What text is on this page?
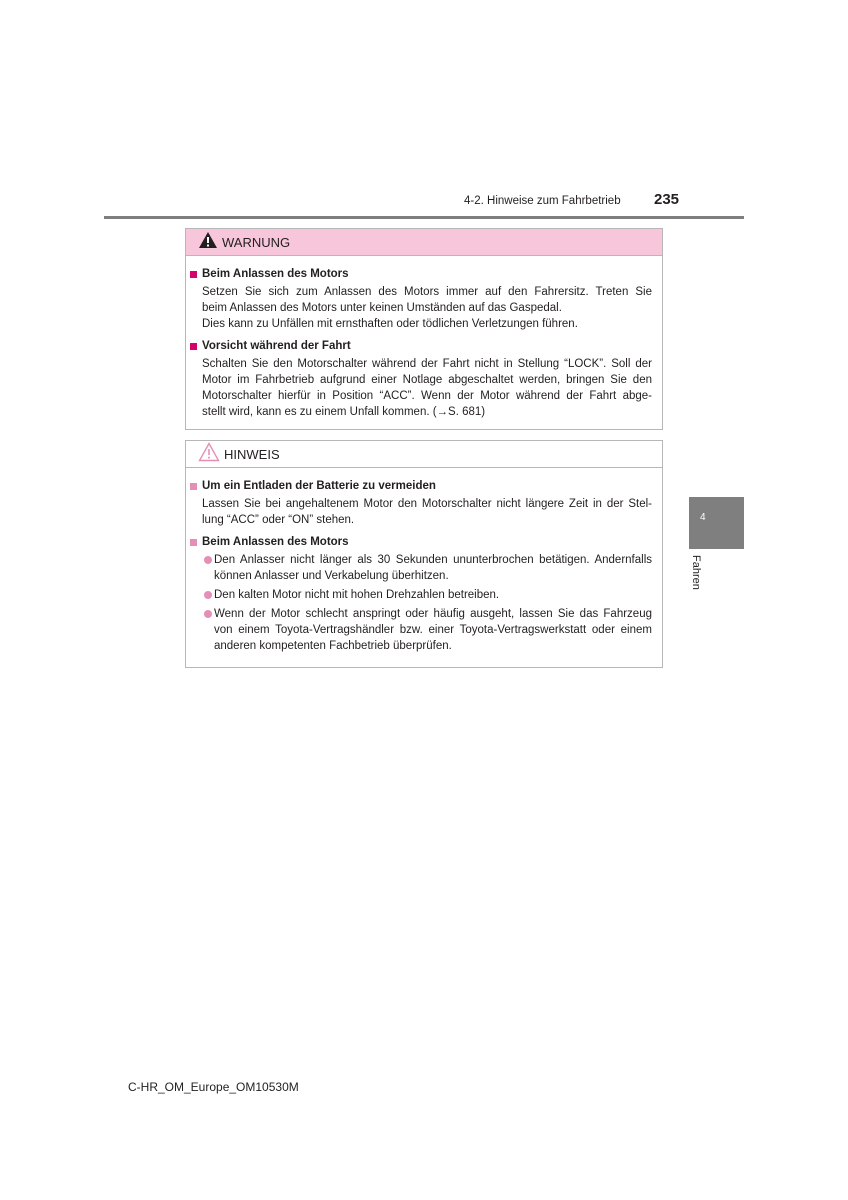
4-2. Hinweise zum Fahrbetrieb 235
WARNUNG
Beim Anlassen des Motors
Setzen Sie sich zum Anlassen des Motors immer auf den Fahrersitz. Treten Sie
beim Anlassen des Motors unter keinen Umständen auf das Gaspedal.
Dies kann zu Unfällen mit ernsthaften oder tödlichen Verletzungen führen.
Vorsicht während der Fahrt
Schalten Sie den Motorschalter während der Fahrt nicht in Stellung “LOCK”. Soll der
Motor im Fahrbetrieb aufgrund einer Notlage abgeschaltet werden, bringen Sie den
Motorschalter hierfür in Position “ACC”. Wenn der Motor während der Fahrt abge-
stellt wird, kann es zu einem Unfall kommen. (→S. 681)
HINWEIS
Um ein Entladen der Batterie zu vermeiden
Lassen Sie bei angehaltenem Motor den Motorschalter nicht längere Zeit in der Stel-
lung “ACC” oder “ON” stehen.
Beim Anlassen des Motors
Den Anlasser nicht länger als 30 Sekunden ununterbrochen betätigen. Andernfalls
können Anlasser und Verkabelung überhitzen.
Den kalten Motor nicht mit hohen Drehzahlen betreiben.
Wenn der Motor schlecht anspringt oder häufig ausgeht, lassen Sie das Fahrzeug
von einem Toyota-Vertragshändler bzw. einer Toyota-Vertragswerkstatt oder einem
anderen kompetenten Fachbetrieb überprüfen.
4
Fahren
C-HR_OM_Europe_OM10530M
